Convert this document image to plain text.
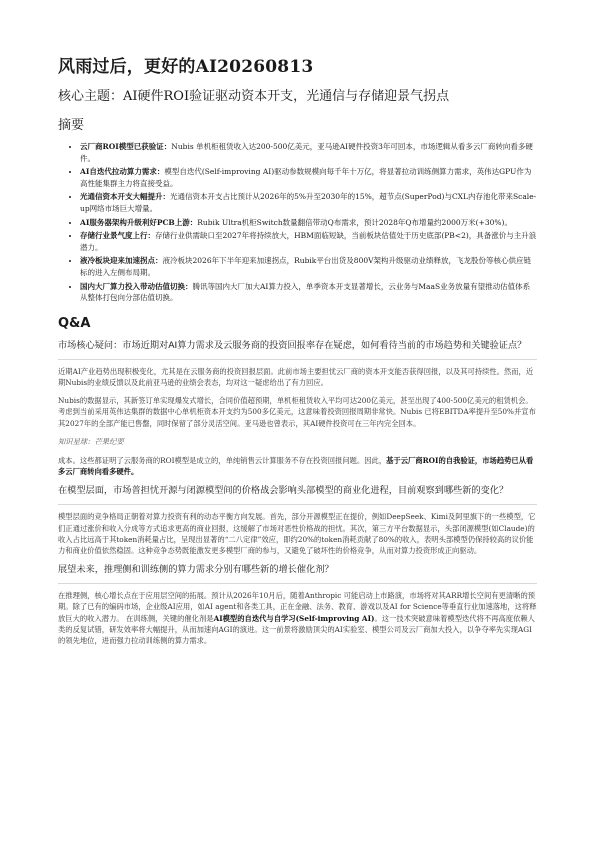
风雨过后，更好的AI20260813
核心主题：AI硬件ROI验证驱动资本开支，光通信与存储迎景气拐点
摘要
• 云厂商ROI模型已获验证：Nubis 单机柜租赁收入达200-500亿美元，亚马逊AI硬件投资3年可回本，市场逻辑从看多云厂商转向看多硬件。
• AI自迭代拉动算力需求：模型自迭代(Self-improving AI)驱动参数规模向每千年十万亿，将显著拉动训练侧算力需求，英伟达GPU作为高性能集群主力将直接受益。
• 光通信资本开支大幅提升：光通信资本开支占比预计从2026年的5%升至2030年的15%，超节点(SuperPod)与CXL内存池化带来Scale-up网络市场巨大增量。
• AI服务器架构升级利好PCB上游：Rubik Ultra机柜Switch数量翻倍带动Q布需求，预计2028年Q布增量约2000万米(+30%)。
• 存储行业景气度上行：存储行业供需缺口至2027年将持续放大，HBM面临短缺，当前板块估值处于历史底部(PB<2)，具备涨价与主升浪潜力。
• 液冷板块迎来加速拐点：液冷板块2026年下半年迎来加速拐点，Rubik平台出货及800V架构升级驱动业绩释放，飞龙股份等核心供应链标的进入左侧布局期。
• 国内大厂算力投入带动估值切换：腾讯等国内大厂加大AI算力投入，单季资本开支显著增长，云业务与MaaS业务放量有望推动估值体系从整体打包向分部估值切换。
Q&A
市场核心疑问：市场近期对AI算力需求及云服务商的投资回报率存在疑虑，如何看待当前的市场趋势和关键验证点？

近期AI产业趋势出现积极变化，尤其是在云服务商的投资回报层面。此前市场主要担忧云厂商的资本开支能否获得回报，以及其可持续性。然而，近期Nubis的业绩反馈以及此前亚马逊的业绩会表态，均对这一疑虑给出了有力回应。

Nubis的数据显示，其新签订单实现爆发式增长，合同价值超预期，单机柜租赁收入平均可达200亿美元，甚至出现了400-500亿美元的租赁机会。考虑到当前采用英伟达集群的数据中心单机柜资本开支约为500多亿美元，这意味着投资回报周期非常快。Nubis 已将EBITDA率提升至50%并宣布其2027年的全部产能已售罄，同时保留了部分灵活空间。亚马逊也曾表示，其AI硬件投资可在三年内完全回本。

知识星球：芒果纪要

成本。这些都证明了云服务商的ROI模型是成立的，单纯销售云计算服务不存在投资回报问题。因此，基于云厂商ROI的自我验证，市场趋势已从看多云厂商转向看多硬件。

在模型层面，市场普担忧开源与闭源模型间的价格战会影响头部模型的商业化进程，目前观察到哪些新的变化？

模型层面的竞争格局正朝着对算力投资有利的动态平衡方向发展。首先，部分开源模型正在提价，例如DeepSeek、Kimi及阿里旗下的一些模型，它们正通过涨价和收入分成等方式追求更高的商业回报，这缓解了市场对恶性价格战的担忧。其次，第三方平台数据显示，头部闭源模型(如Claude)的收入占比远高于其token消耗量占比，呈现出显著的“二八定律”效应，即约20%的token消耗贡献了80%的收入，表明头部模型仍保持较高的议价能力和商业价值依然稳固。这种竞争态势既能激发更多模型厂商的参与，又避免了破坏性的价格竞争，从而对算力投资形成正向驱动。

展望未来，推理侧和训练侧的算力需求分别有哪些新的增长催化剂？

在推理侧，核心增长点在于应用层空间的拓展。预计从2026年10月后，随着Anthropic 可能启动上市路演，市场将对其ARR增长空间有更清晰的预期。除了已有的编码市场，企业级AI应用，如AI agent和各类工具，正在金融、法务、教育、游戏以及AI for Science等垂直行业加速落地，这将释放巨大的收入潜力。 在训练侧，关键的催化剂是AI模型的自迭代与自学习(Self-improving AI)。这一技术突破意味着模型迭代将不再高度依赖人类的反复试错，研发效率将大幅提升，从而加速向AGI的演进。这一前景将激励顶尖的AI实验室、模型公司及云厂商加大投入，以争夺率先实现AGI的领先地位，进而强力拉动训练侧的算力需求。
